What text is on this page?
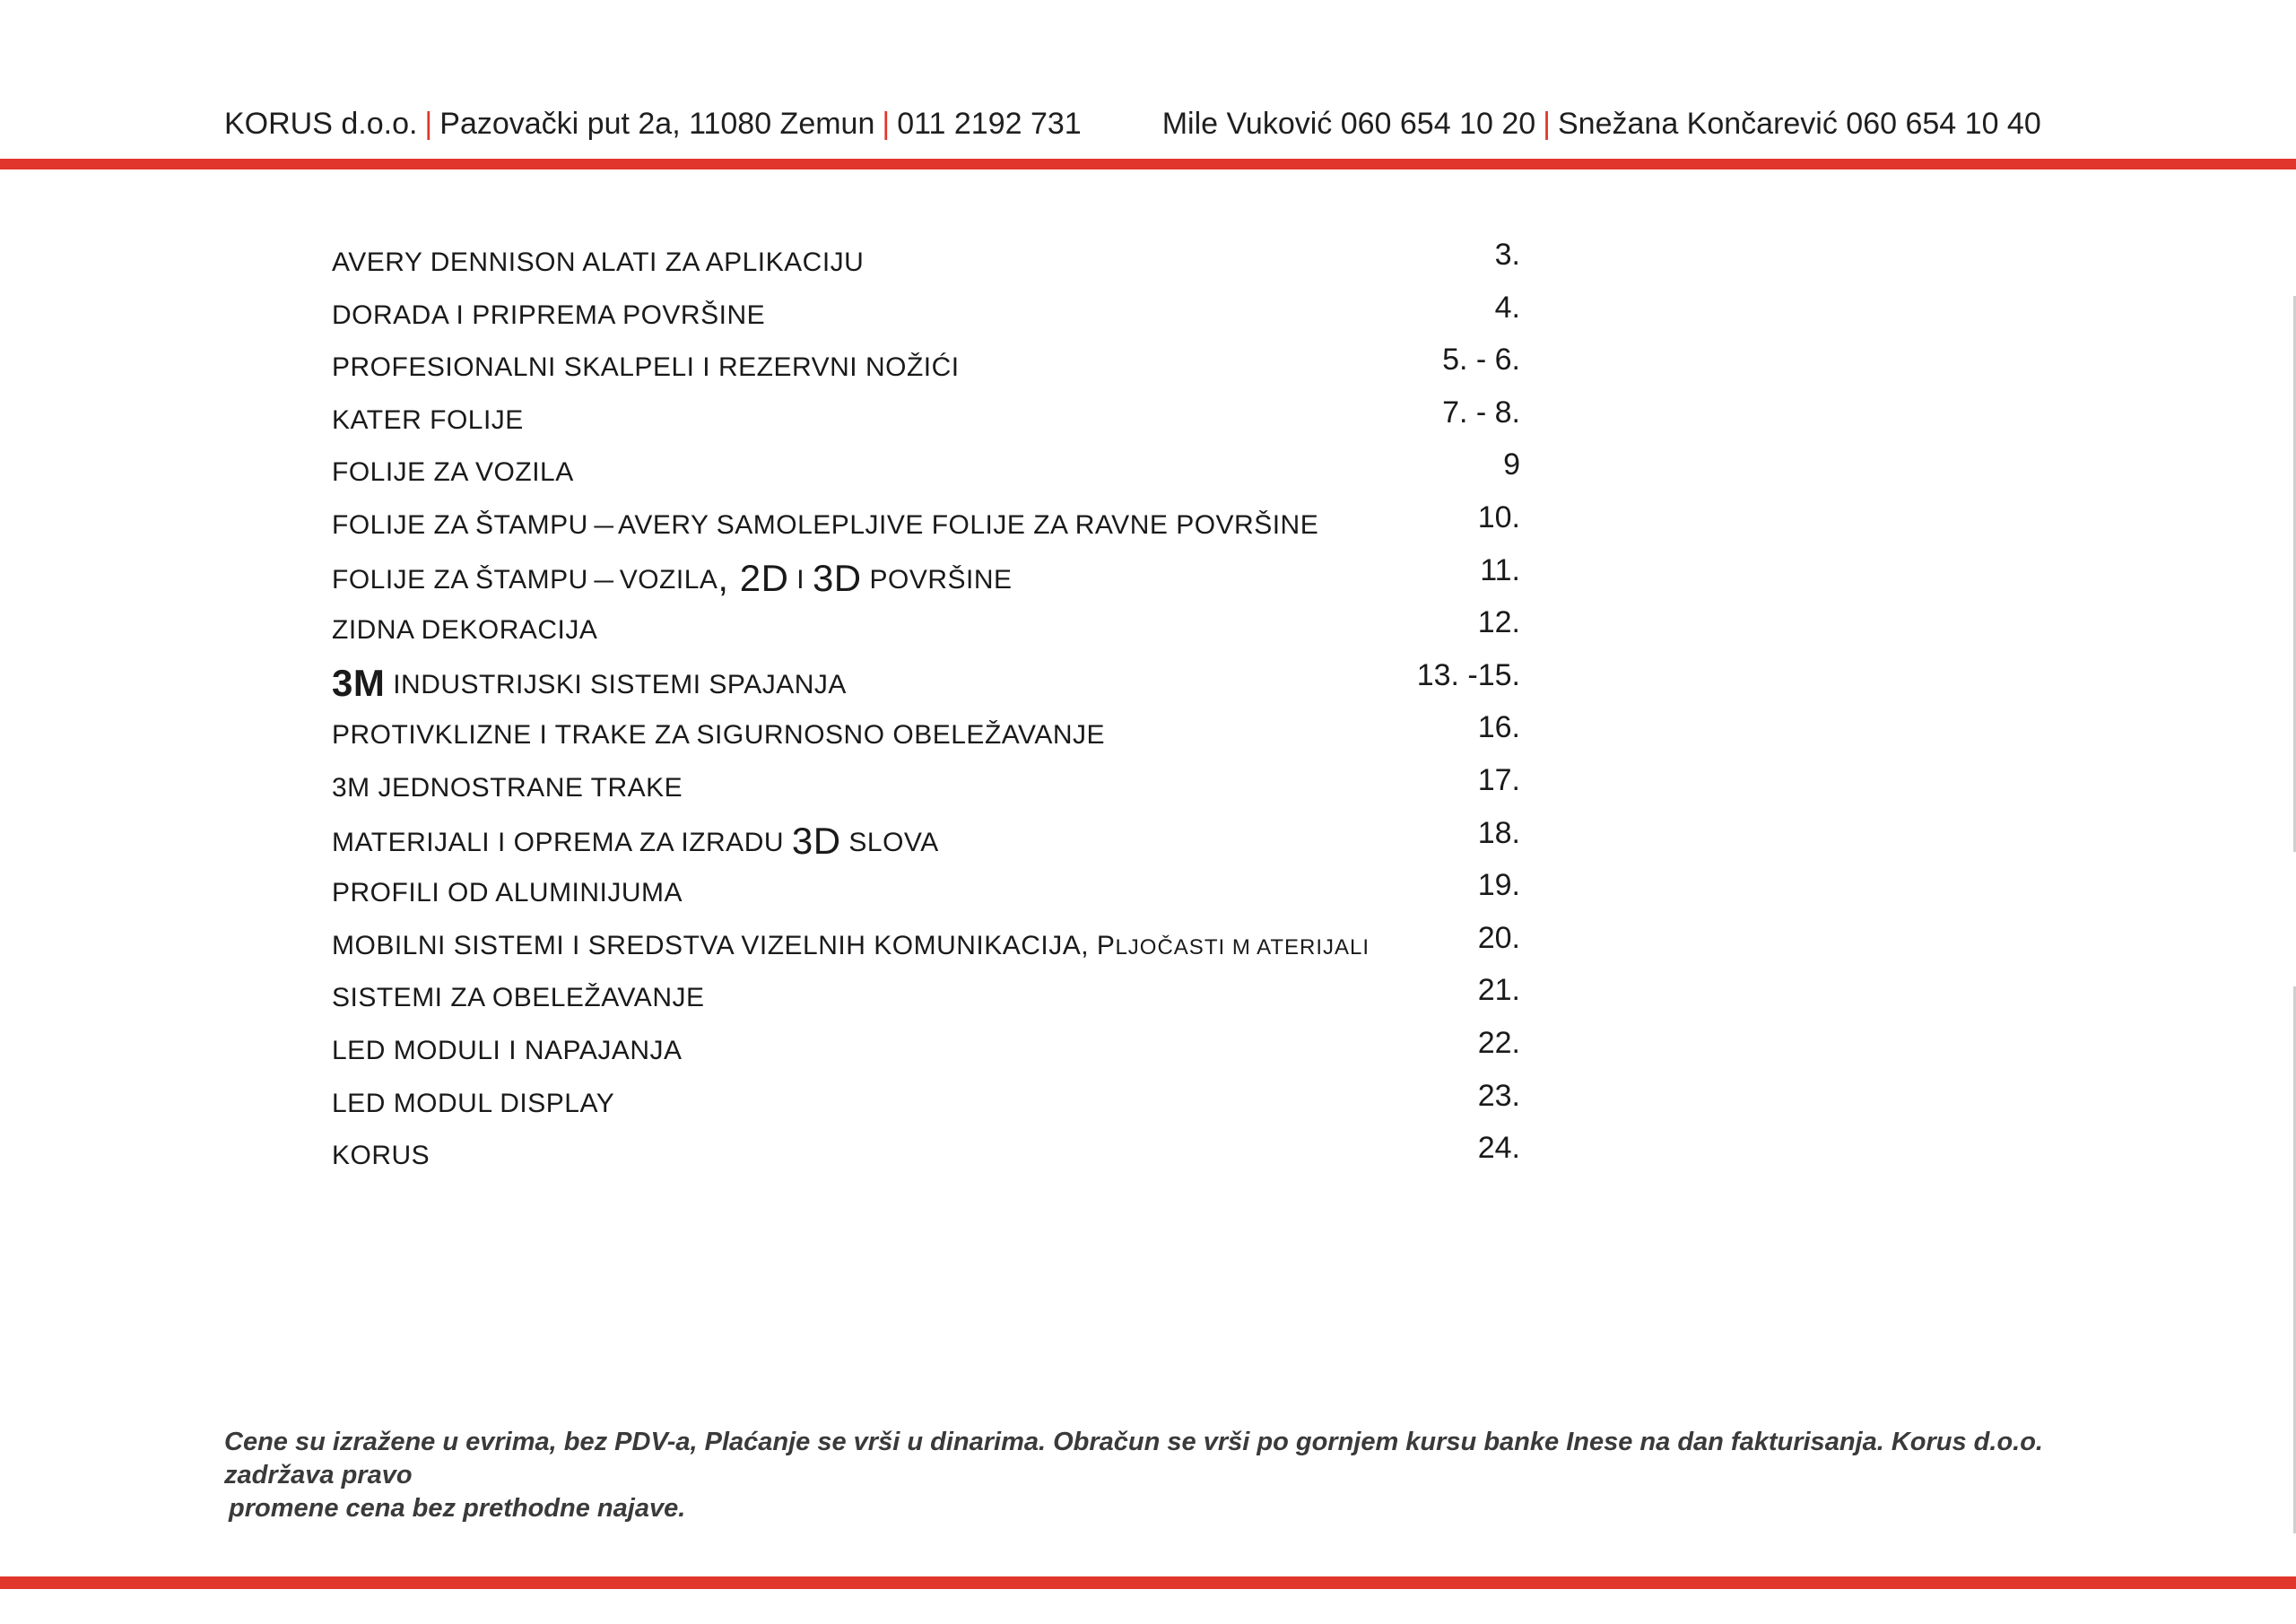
KORUS d.o.o. | Pazovački put 2a, 11080 Zemun | 011 2192 731	Mile Vuković 060 654 10 20 | Snežana Končarević 060 654 10 40
AVERY DENNISON ALATI ZA APLIKACIJU	3.
DORADA I PRIPREMA POVRŠINE	4.
PROFESIONALNI SKALPELI I REZERVNI NOŽIĆI	5. - 6.
KATER FOLIJE	7. - 8.
FOLIJE ZA VOZILA	9
FOLIJE ZA ŠTAMPU – AVERY SAMOLEPLJIVE FOLIJE ZA RAVNE POVRŠINE	10.
FOLIJE ZA ŠTAMPU – VOZILA, 2D I 3D POVRŠINE	11.
ZIDNA DEKORACIJA	12.
3M INDUSTRIJSKI SISTEMI SPAJANJA	13. -15.
PROTIVKLIZNE I TRAKE ZA SIGURNOSNO OBELEŽAVANJE	16.
3M JEDNOSTRANE TRAKE	17.
MATERIJALI I OPREMA ZA IZRADU 3D SLOVA	18.
PROFILI OD ALUMINIJUMA	19.
MOBILNI SISTEMI I SREDSTVA VIZELNIH KOMUNIKACIJA, PLJOČASTI M ATERIJALI	20.
SISTEMI ZA OBELEŽAVANJE	21.
LED MODULI I NAPAJANJA	22.
LED MODUL DISPLAY	23.
KORUS	24.
Cene su izražene u evrima, bez PDV-a, Plaćanje se vrši u dinarima. Obračun se vrši po gornjem kursu banke Inese na dan fakturisanja. Korus d.o.o. zadržava pravo
promene cena bez prethodne najave.
